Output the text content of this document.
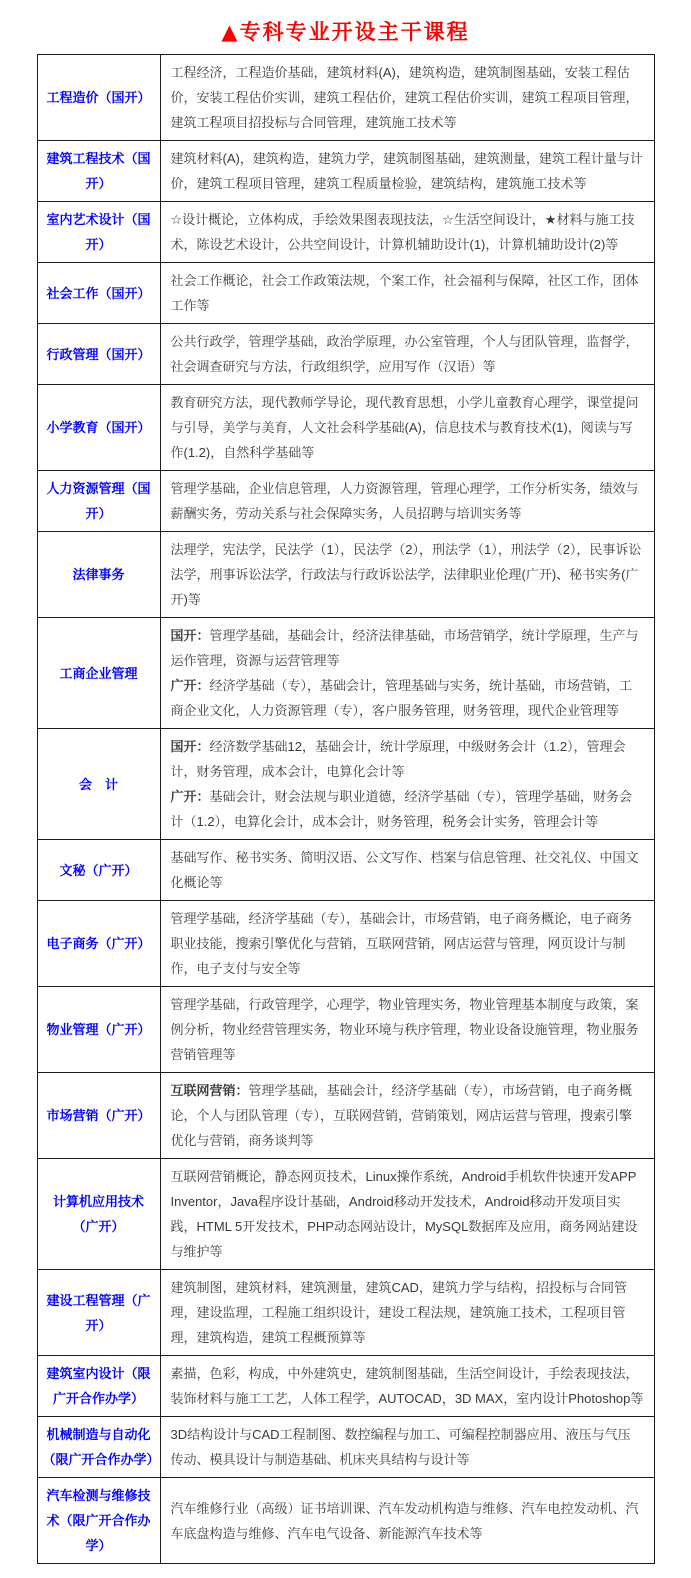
▲专科专业开设主干课程
工程造价（国开）	工程经济，工程造价基础，建筑材料(A)，建筑构造，建筑制图基础，安装工程估价，安装工程估价实训，建筑工程估价，建筑工程估价实训，建筑工程项目管理，建筑工程项目招投标与合同管理，建筑施工技术等

建筑工程技术（国开）	建筑材料(A)，建筑构造，建筑力学，建筑制图基础，建筑测量，建筑工程计量与计价，建筑工程项目管理，建筑工程质量检验，建筑结构，建筑施工技术等

室内艺术设计（国开）	☆设计概论，立体构成，手绘效果图表现技法，☆生活空间设计，★材料与施工技术，陈设艺术设计，公共空间设计，计算机辅助设计(1)，计算机辅助设计(2)等

社会工作（国开）	社会工作概论，社会工作政策法规，个案工作，社会福利与保障，社区工作，团体工作等

行政管理（国开）	公共行政学，管理学基础，政治学原理，办公室管理，个人与团队管理，监督学，社会调查研究与方法，行政组织学，应用写作（汉语）等

小学教育（国开）	教育研究方法，现代教师学导论，现代教育思想，小学儿童教育心理学，课堂提问与引导，美学与美育，人文社会科学基础(A)，信息技术与教育技术(1)，阅读与写作(1.2)，自然科学基础等

人力资源管理（国开）	管理学基础，企业信息管理，人力资源管理，管理心理学，工作分析实务，绩效与薪酬实务，劳动关系与社会保障实务，人员招聘与培训实务等

法律事务	法理学，宪法学，民法学（1），民法学（2），刑法学（1），刑法学（2），民事诉讼法学，刑事诉讼法学，行政法与行政诉讼法学，法律职业伦理(广开)、秘书实务(广开)等

工商企业管理	国开：管理学基础，基础会计，经济法律基础，市场营销学，统计学原理，生产与运作管理，资源与运营管理等
广开：经济学基础（专），基础会计，管理基础与实务，统计基础，市场营销，工商企业文化，人力资源管理（专），客户服务管理，财务管理，现代企业管理等

会　计	国开：经济数学基础12，基础会计，统计学原理，中级财务会计（1.2），管理会计，财务管理，成本会计，电算化会计等
广开：基础会计，财会法规与职业道德，经济学基础（专），管理学基础，财务会计（1.2），电算化会计，成本会计，财务管理，税务会计实务，管理会计等

文秘（广开）	基础写作、秘书实务、简明汉语、公文写作、档案与信息管理、社交礼仪、中国文化概论等

电子商务（广开）	管理学基础，经济学基础（专），基础会计，市场营销，电子商务概论，电子商务职业技能，搜索引擎优化与营销，互联网营销，网店运营与管理，网页设计与制作，电子支付与安全等

物业管理（广开）	管理学基础，行政管理学，心理学，物业管理实务，物业管理基本制度与政策，案例分析，物业经营管理实务，物业环境与秩序管理，物业设备设施管理，物业服务营销管理等

市场营销（广开）	互联网营销：管理学基础，基础会计，经济学基础（专），市场营销，电子商务概论，个人与团队管理（专），互联网营销，营销策划，网店运营与管理，搜索引擎优化与营销，商务谈判等

计算机应用技术（广开）	互联网营销概论，静态网页技术，Linux操作系统，Android手机软件快速开发APP Inventor，Java程序设计基础，Android移动开发技术，Android移动开发项目实践，HTML 5开发技术，PHP动态网站设计，MySQL数据库及应用，商务网站建设与维护等

建设工程管理（广开）	建筑制图，建筑材料，建筑测量，建筑CAD，建筑力学与结构，招投标与合同管理，建设监理，工程施工组织设计，建设工程法规，建筑施工技术，工程项目管理，建筑构造，建筑工程概预算等

建筑室内设计（限广开合作办学）	素描，色彩，构成，中外建筑史，建筑制图基础，生活空间设计，手绘表现技法，装饰材料与施工工艺，人体工程学，AUTOCAD，3D MAX，室内设计Photoshop等

机械制造与自动化（限广开合作办学）	3D结构设计与CAD工程制图、数控编程与加工、可编程控制器应用、液压与气压传动、模具设计与制造基础、机床夹具结构与设计等

汽车检测与维修技术（限广开合作办学）	汽车维修行业（高级）证书培训课、汽车发动机构造与维修、汽车电控发动机、汽车底盘构造与维修、汽车电气设备、新能源汽车技术等
